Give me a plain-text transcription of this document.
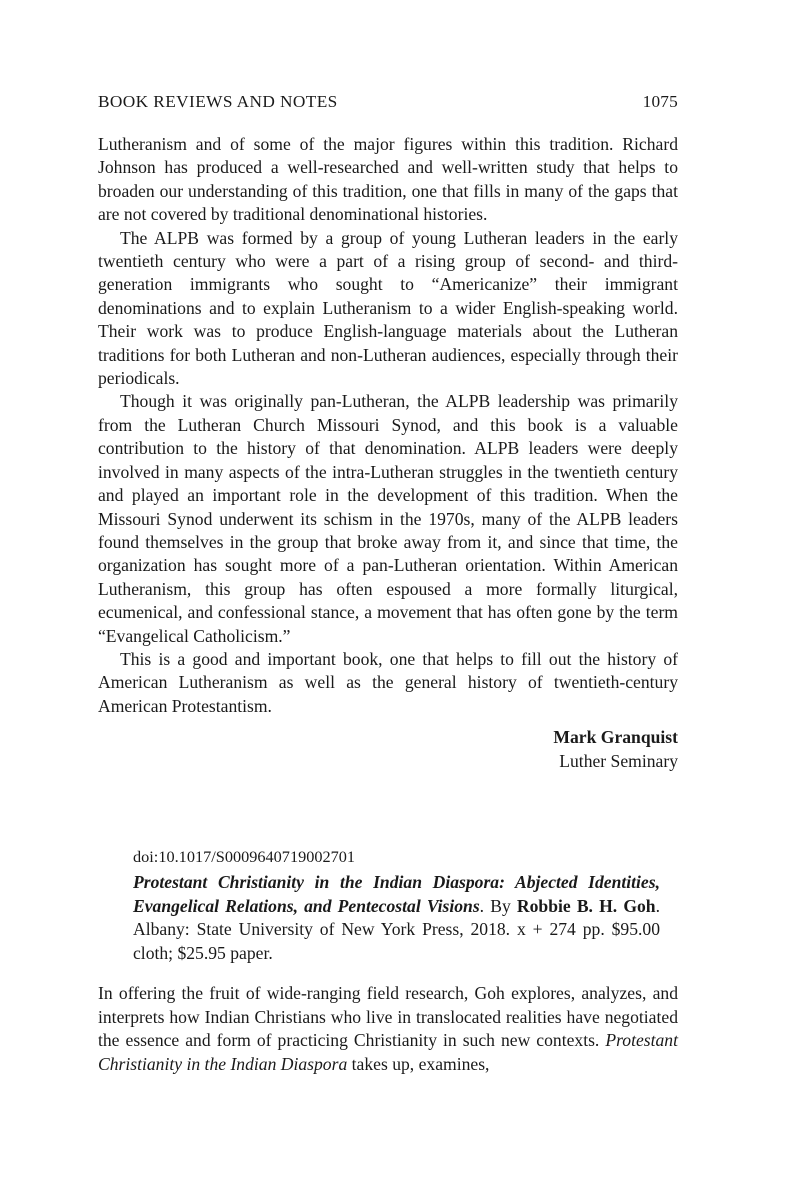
BOOK REVIEWS AND NOTES	1075

Lutheranism and of some of the major figures within this tradition. Richard Johnson has produced a well-researched and well-written study that helps to broaden our understanding of this tradition, one that fills in many of the gaps that are not covered by traditional denominational histories.

The ALPB was formed by a group of young Lutheran leaders in the early twentieth century who were a part of a rising group of second- and third-generation immigrants who sought to “Americanize” their immigrant denominations and to explain Lutheranism to a wider English-speaking world. Their work was to produce English-language materials about the Lutheran traditions for both Lutheran and non-Lutheran audiences, especially through their periodicals.

Though it was originally pan-Lutheran, the ALPB leadership was primarily from the Lutheran Church Missouri Synod, and this book is a valuable contribution to the history of that denomination. ALPB leaders were deeply involved in many aspects of the intra-Lutheran struggles in the twentieth century and played an important role in the development of this tradition. When the Missouri Synod underwent its schism in the 1970s, many of the ALPB leaders found themselves in the group that broke away from it, and since that time, the organization has sought more of a pan-Lutheran orientation. Within American Lutheranism, this group has often espoused a more formally liturgical, ecumenical, and confessional stance, a movement that has often gone by the term “Evangelical Catholicism.”

This is a good and important book, one that helps to fill out the history of American Lutheranism as well as the general history of twentieth-century American Protestantism.

Mark Granquist
Luther Seminary
doi:10.1017/S0009640719002701
Protestant Christianity in the Indian Diaspora: Abjected Identities, Evangelical Relations, and Pentecostal Visions. By Robbie B. H. Goh. Albany: State University of New York Press, 2018. x + 274 pp. $95.00 cloth; $25.95 paper.

In offering the fruit of wide-ranging field research, Goh explores, analyzes, and interprets how Indian Christians who live in translocated realities have negotiated the essence and form of practicing Christianity in such new contexts. Protestant Christianity in the Indian Diaspora takes up, examines,
